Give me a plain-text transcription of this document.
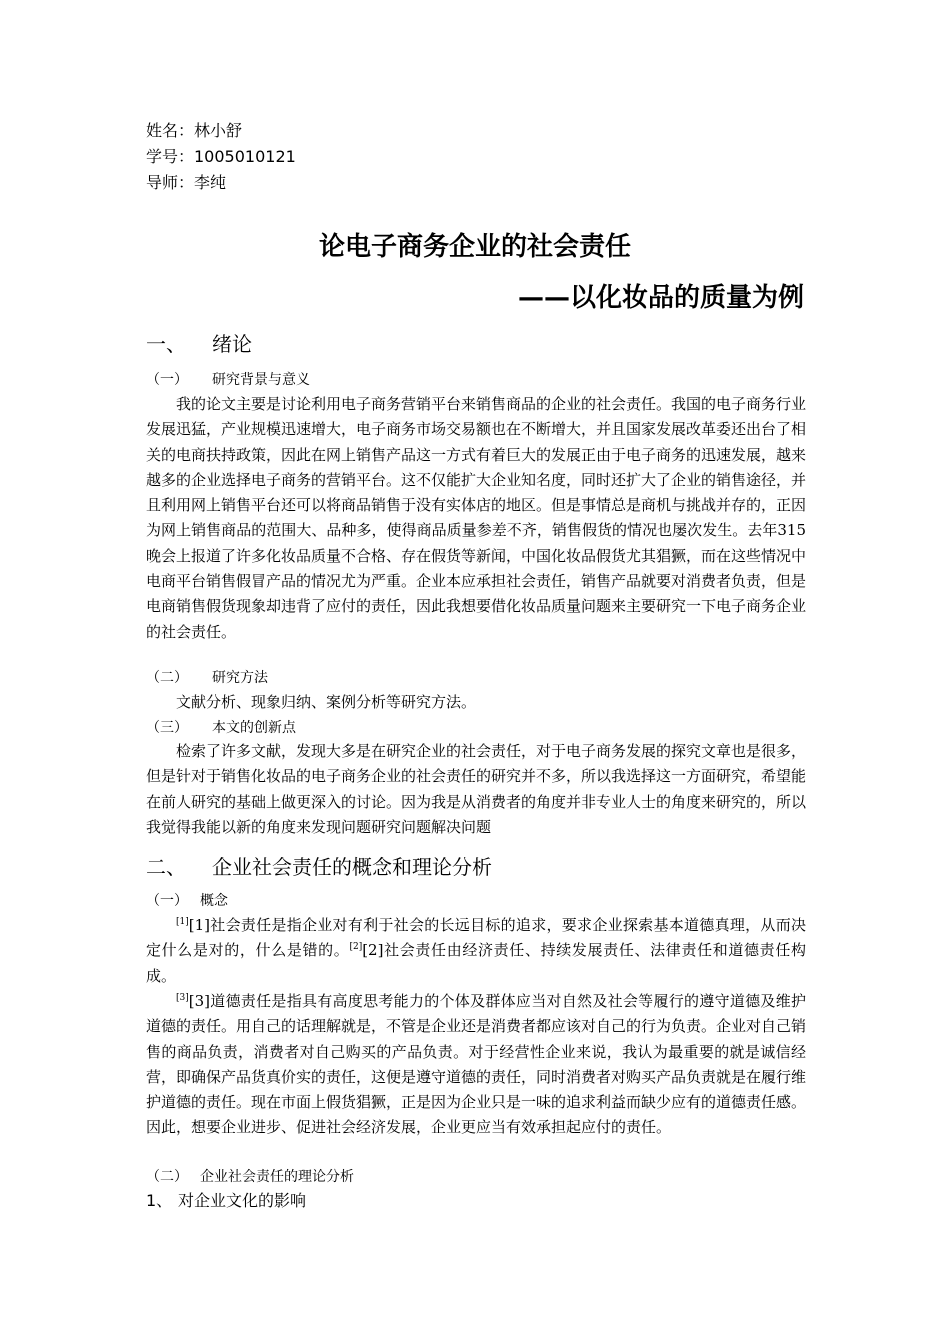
姓名：林小舒
学号：1005010121
导师：李纯
论电子商务企业的社会责任
——以化妆品的质量为例
一、 绪论
（一） 研究背景与意义
我的论文主要是讨论利用电子商务营销平台来销售商品的企业的社会责任。我国的电子商务行业发展迅猛，产业规模迅速增大，电子商务市场交易额也在不断增大，并且国家发展改革委还出台了相关的电商扶持政策，因此在网上销售产品这一方式有着巨大的发展正由于电子商务的迅速发展，越来越多的企业选择电子商务的营销平台。这不仅能扩大企业知名度，同时还扩大了企业的销售途径，并且利用网上销售平台还可以将商品销售于没有实体店的地区。但是事情总是商机与挑战并存的，正因为网上销售商品的范围大、品种多，使得商品质量参差不齐，销售假货的情况也屡次发生。去年315晚会上报道了许多化妆品质量不合格、存在假货等新闻，中国化妆品假货尤其猖獗，而在这些情况中电商平台销售假冒产品的情况尤为严重。企业本应承担社会责任，销售产品就要对消费者负责，但是电商销售假货现象却违背了应付的责任，因此我想要借化妆品质量问题来主要研究一下电子商务企业的社会责任。
（二） 研究方法
文献分析、现象归纳、案例分析等研究方法。
（三） 本文的创新点
检索了许多文献，发现大多是在研究企业的社会责任，对于电子商务发展的探究文章也是很多，但是针对于销售化妆品的电子商务企业的社会责任的研究并不多，所以我选择这一方面研究，希望能在前人研究的基础上做更深入的讨论。因为我是从消费者的角度并非专业人士的角度来研究的，所以我觉得我能以新的角度来发现问题研究问题解决问题
二、 企业社会责任的概念和理论分析
（一） 概念
[1][1]社会责任是指企业对有利于社会的长远目标的追求，要求企业探索基本道德真理，从而决定什么是对的，什么是错的。[2][2]社会责任由经济责任、持续发展责任、法律责任和道德责任构成。
[3][3]道德责任是指具有高度思考能力的个体及群体应当对自然及社会等履行的遵守道德及维护道德的责任。用自己的话理解就是，不管是企业还是消费者都应该对自己的行为负责。企业对自己销售的商品负责，消费者对自己购买的产品负责。对于经营性企业来说，我认为最重要的就是诚信经营，即确保产品货真价实的责任，这便是遵守道德的责任，同时消费者对购买产品负责就是在履行维护道德的责任。现在市面上假货猖獗，正是因为企业只是一味的追求利益而缺少应有的道德责任感。因此，想要企业进步、促进社会经济发展，企业更应当有效承担起应付的责任。
（二） 企业社会责任的理论分析
1、 对企业文化的影响
